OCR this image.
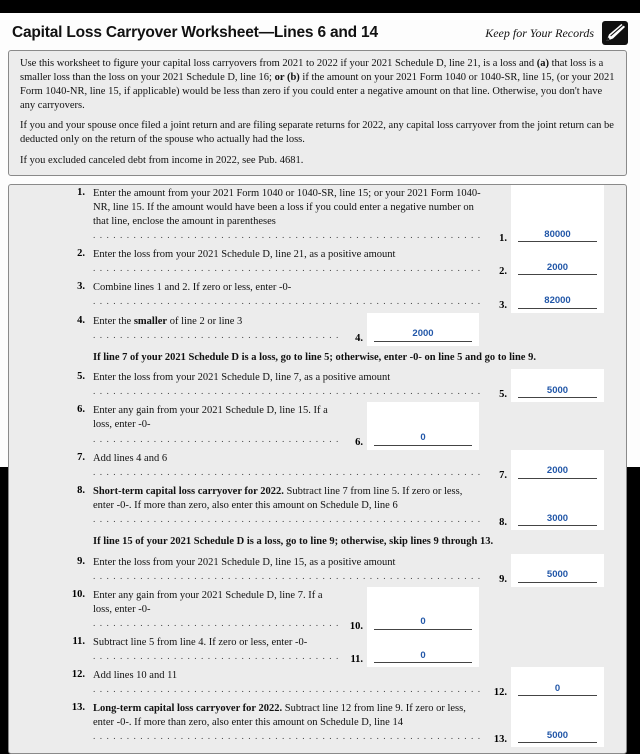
Capital Loss Carryover Worksheet—Lines 6 and 14	Keep for Your Records

Use this worksheet to figure your capital loss carryovers from 2021 to 2022 if your 2021 Schedule D, line 21, is a loss and (a) that loss is a smaller loss than the loss on your 2021 Schedule D, line 16; or (b) if the amount on your 2021 Form 1040 or 1040-SR, line 15, (or your 2021 Form 1040-NR, line 15, if applicable) would be less than zero if you could enter a negative amount on that line. Otherwise, you don't have any carryovers.

If you and your spouse once filed a joint return and are filing separate returns for 2022, any capital loss carryover from the joint return can be deducted only on the return of the spouse who actually had the loss.

If you excluded canceled debt from income in 2022, see Pub. 4681.

1. Enter the amount from your 2021 Form 1040 or 1040-SR, line 15; or your 2021 Form 1040-NR, line 15. If the amount would have been a loss if you could enter a negative number on that line, enclose the amount in parentheses . . .
1.	80000
2. Enter the loss from your 2021 Schedule D, line 21, as a positive amount . . .
2.	2000
3. Combine lines 1 and 2. If zero or less, enter -0- . . .
3.	82000
4. Enter the smaller of line 2 or line 3 . . .
4.	2000
If line 7 of your 2021 Schedule D is a loss, go to line 5; otherwise, enter -0- on line 5 and go to line 9.
5. Enter the loss from your 2021 Schedule D, line 7, as a positive amount . . .
5.	5000
6. Enter any gain from your 2021 Schedule D, line 15. If a loss, enter -0- . . .
6.	0
7. Add lines 4 and 6 . . .
7.	2000
8. Short-term capital loss carryover for 2022. Subtract line 7 from line 5. If zero or less, enter -0-. If more than zero, also enter this amount on Schedule D, line 6 . . .
8.	3000
If line 15 of your 2021 Schedule D is a loss, go to line 9; otherwise, skip lines 9 through 13.
9. Enter the loss from your 2021 Schedule D, line 15, as a positive amount . . .
9.	5000
10. Enter any gain from your 2021 Schedule D, line 7. If a loss, enter -0- . . .
10.	0
11. Subtract line 5 from line 4. If zero or less, enter -0- . . .
11.	0
12. Add lines 10 and 11 . . .
12.	0
13. Long-term capital loss carryover for 2022. Subtract line 12 from line 9. If zero or less, enter -0-. If more than zero, also enter this amount on Schedule D, line 14 . . .
13.	5000
